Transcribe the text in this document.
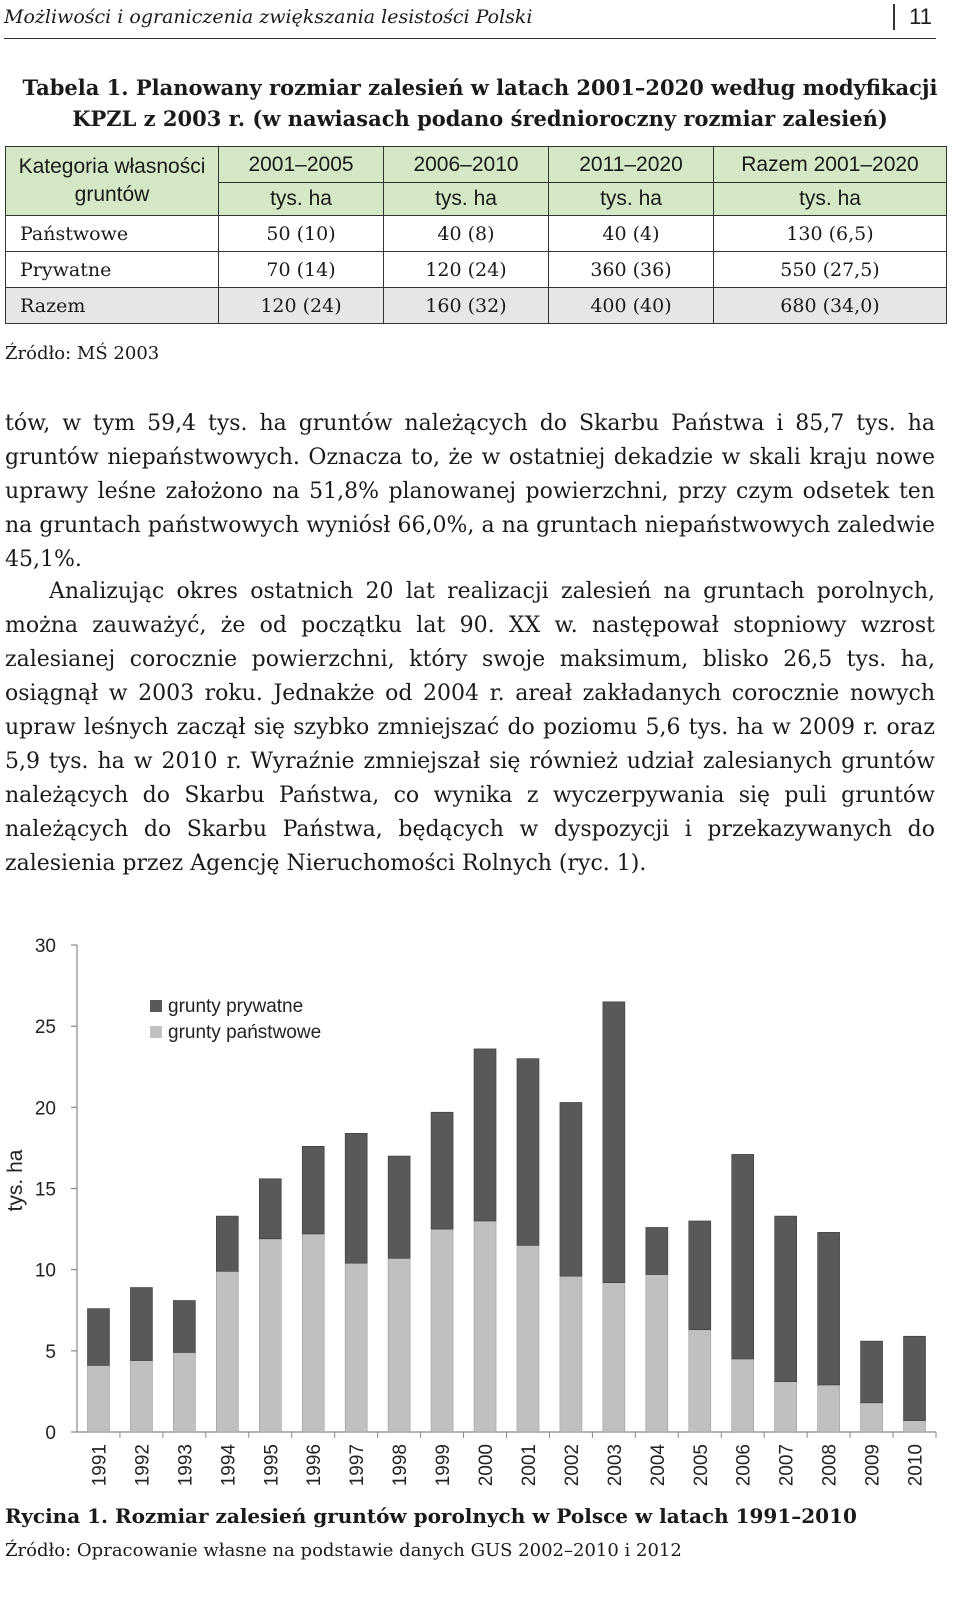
Możliwości i ograniczenia zwiększania lesistości Polski	11
Tabela 1. Planowany rozmiar zalesień w latach 2001–2020 według modyfikacji
KPZL z 2003 r. (w nawiasach podano średnioroczny rozmiar zalesień)
Kategoria własności gruntów	2001–2005	2006–2010	2011–2020	Razem 2001–2020
	tys. ha	tys. ha	tys. ha	tys. ha
Państwowe	50 (10)	40 (8)	40 (4)	130 (6,5)
Prywatne	70 (14)	120 (24)	360 (36)	550 (27,5)
Razem	120 (24)	160 (32)	400 (40)	680 (34,0)
Źródło: MŚ 2003

tów, w tym 59,4 tys. ha gruntów należących do Skarbu Państwa i 85,7 tys. ha gruntów niepaństwowych. Oznacza to, że w ostatniej dekadzie w skali kraju nowe uprawy leśne założono na 51,8% planowanej powierzchni, przy czym odsetek ten na gruntach państwowych wyniósł 66,0%, a na gruntach niepaństwowych zaledwie 45,1%.

Analizując okres ostatnich 20 lat realizacji zalesień na gruntach porolnych, można zauważyć, że od początku lat 90. XX w. następował stopniowy wzrost zalesianej corocznie powierzchni, który swoje maksimum, blisko 26,5 tys. ha, osiągnął w 2003 roku. Jednakże od 2004 r. areał zakładanych corocznie nowych upraw leśnych zaczął się szybko zmniejszać do poziomu 5,6 tys. ha w 2009 r. oraz 5,9 tys. ha w 2010 r. Wyraźnie zmniejszał się również udział zalesianych gruntów należących do Skarbu Państwa, co wynika z wyczerpywania się puli gruntów należących do Skarbu Państwa, będących w dyspozycji i przekazywanych do zalesienia przez Agencję Nieruchomości Rolnych (ryc. 1).

0
5
10
15
20
25
30
tys. ha
1991 1992 1993 1994 1995 1996 1997 1998 1999 2000 2001 2002 2003 2004 2005 2006 2007 2008 2009 2010
grunty prywatne
grunty państwowe
Rycina 1. Rozmiar zalesień gruntów porolnych w Polsce w latach 1991–2010
Źródło: Opracowanie własne na podstawie danych GUS 2002–2010 i 2012
